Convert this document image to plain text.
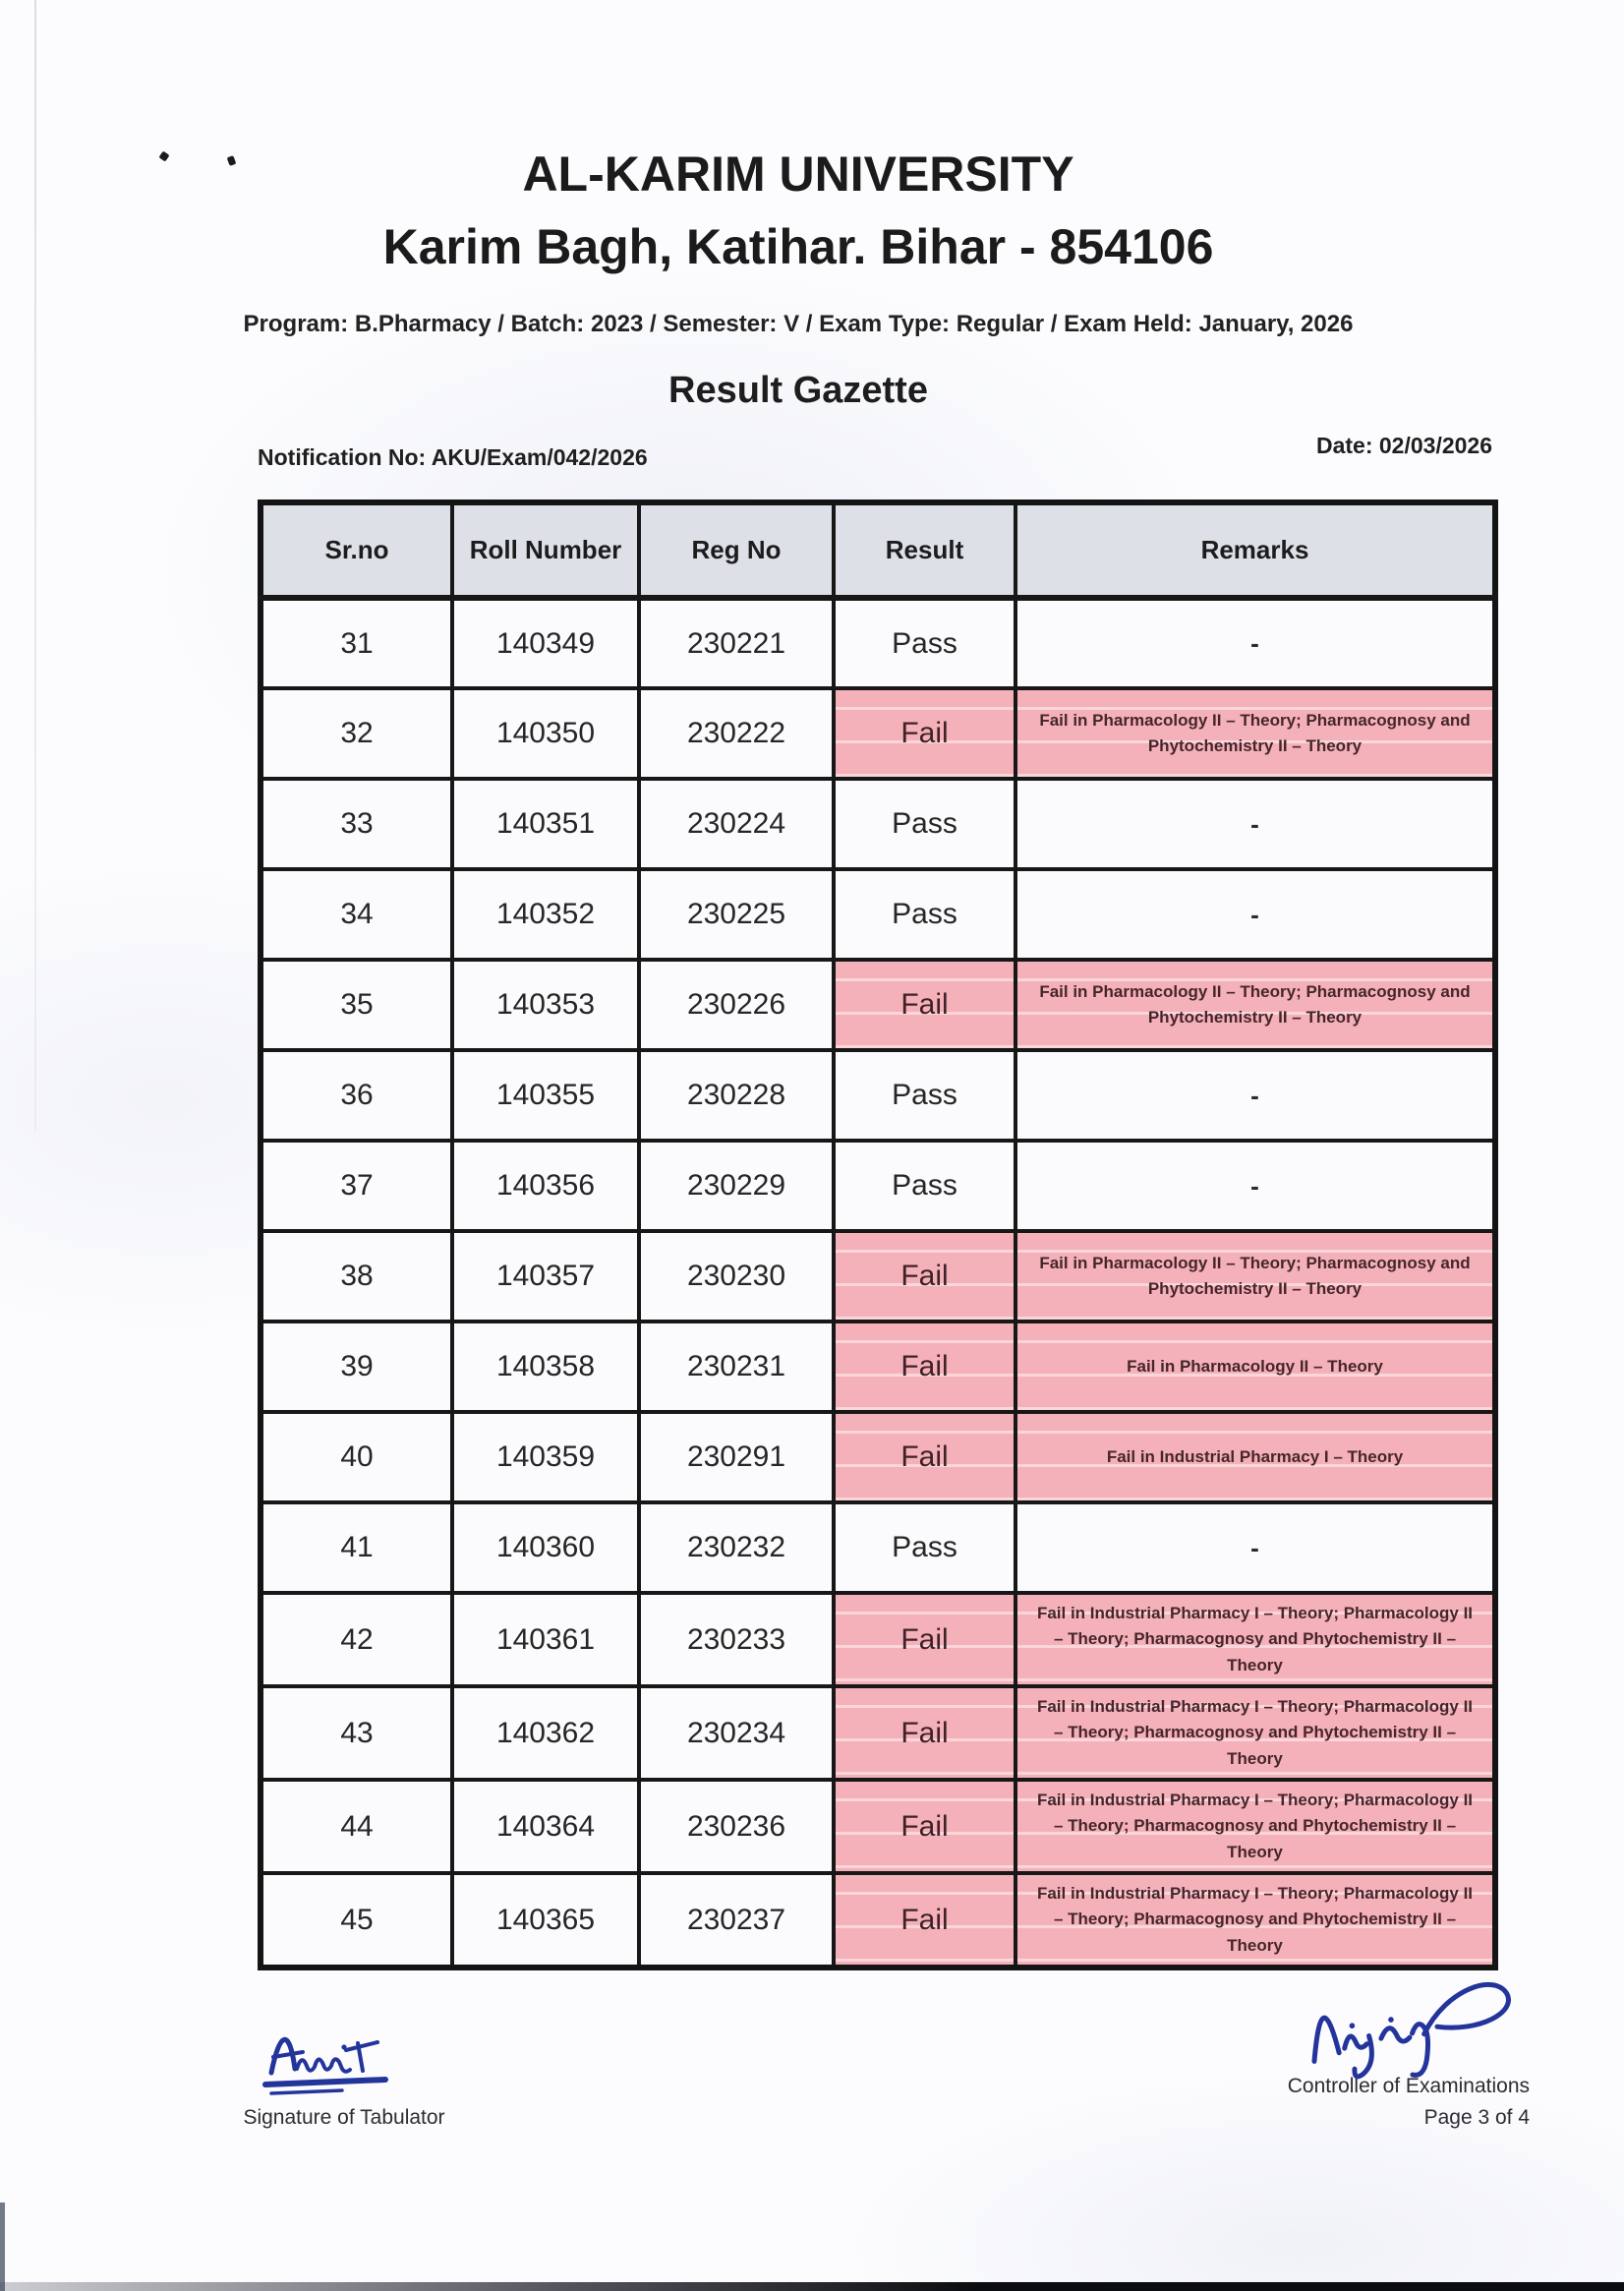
AL-KARIM UNIVERSITY
Karim Bagh, Katihar. Bihar - 854106
Program: B.Pharmacy / Batch: 2023 / Semester: V / Exam Type: Regular / Exam Held: January, 2026
Result Gazette
Notification No: AKU/Exam/042/2026	Date: 02/03/2026
Sr.no	Roll Number	Reg No	Result	Remarks
31	140349	230221	Pass	-
32	140350	230222	Fail	Fail in Pharmacology II – Theory; Pharmacognosy and Phytochemistry II – Theory
33	140351	230224	Pass	-
34	140352	230225	Pass	-
35	140353	230226	Fail	Fail in Pharmacology II – Theory; Pharmacognosy and Phytochemistry II – Theory
36	140355	230228	Pass	-
37	140356	230229	Pass	-
38	140357	230230	Fail	Fail in Pharmacology II – Theory; Pharmacognosy and Phytochemistry II – Theory
39	140358	230231	Fail	Fail in Pharmacology II – Theory
40	140359	230291	Fail	Fail in Industrial Pharmacy I – Theory
41	140360	230232	Pass	-
42	140361	230233	Fail	Fail in Industrial Pharmacy I – Theory; Pharmacology II – Theory; Pharmacognosy and Phytochemistry II – Theory
43	140362	230234	Fail	Fail in Industrial Pharmacy I – Theory; Pharmacology II – Theory; Pharmacognosy and Phytochemistry II – Theory
44	140364	230236	Fail	Fail in Industrial Pharmacy I – Theory; Pharmacology II – Theory; Pharmacognosy and Phytochemistry II – Theory
45	140365	230237	Fail	Fail in Industrial Pharmacy I – Theory; Pharmacology II – Theory; Pharmacognosy and Phytochemistry II – Theory
Signature of Tabulator
Controller of Examinations
Page 3 of 4
